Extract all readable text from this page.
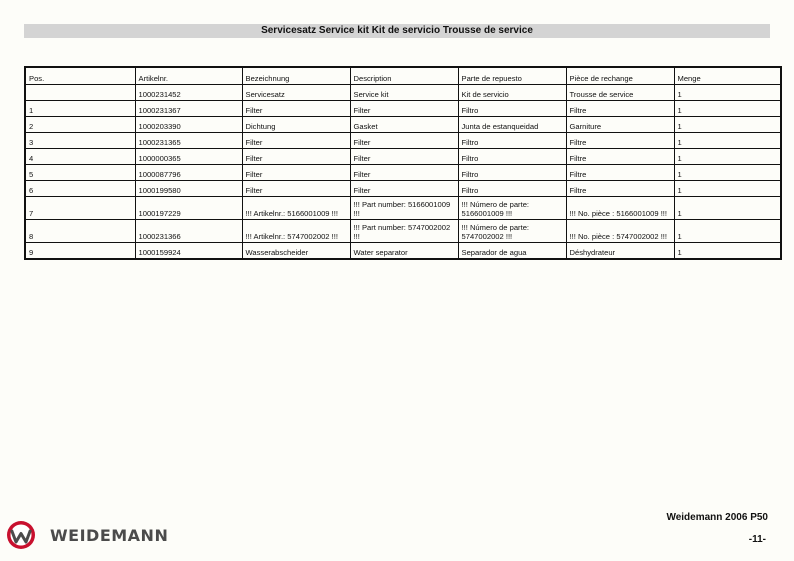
Servicesatz Service kit Kit de servicio Trousse de service
Pos.	Artikelnr.	Bezeichnung	Description	Parte de repuesto	Pièce de rechange	Menge
	1000231452	Servicesatz	Service kit	Kit de servicio	Trousse de service	1
1	1000231367	Filter	Filter	Filtro	Filtre	1
2	1000203390	Dichtung	Gasket	Junta de estanqueidad	Garniture	1
3	1000231365	Filter	Filter	Filtro	Filtre	1
4	1000000365	Filter	Filter	Filtro	Filtre	1
5	1000087796	Filter	Filter	Filtro	Filtre	1
6	1000199580	Filter	Filter	Filtro	Filtre	1
7	1000197229	!!! Artikelnr.: 5166001009 !!!	!!! Part number: 5166001009 !!!	!!! Número de parte: 5166001009 !!!	!!! No. pièce : 5166001009 !!!	1
8	1000231366	!!! Artikelnr.: 5747002002 !!!	!!! Part number: 5747002002 !!!	!!! Número de parte: 5747002002 !!!	!!! No. pièce : 5747002002 !!!	1
9	1000159924	Wasserabscheider	Water separator	Separador de agua	Déshydrateur	1
WEIDEMANN
Weidemann 2006 P50
-11-
